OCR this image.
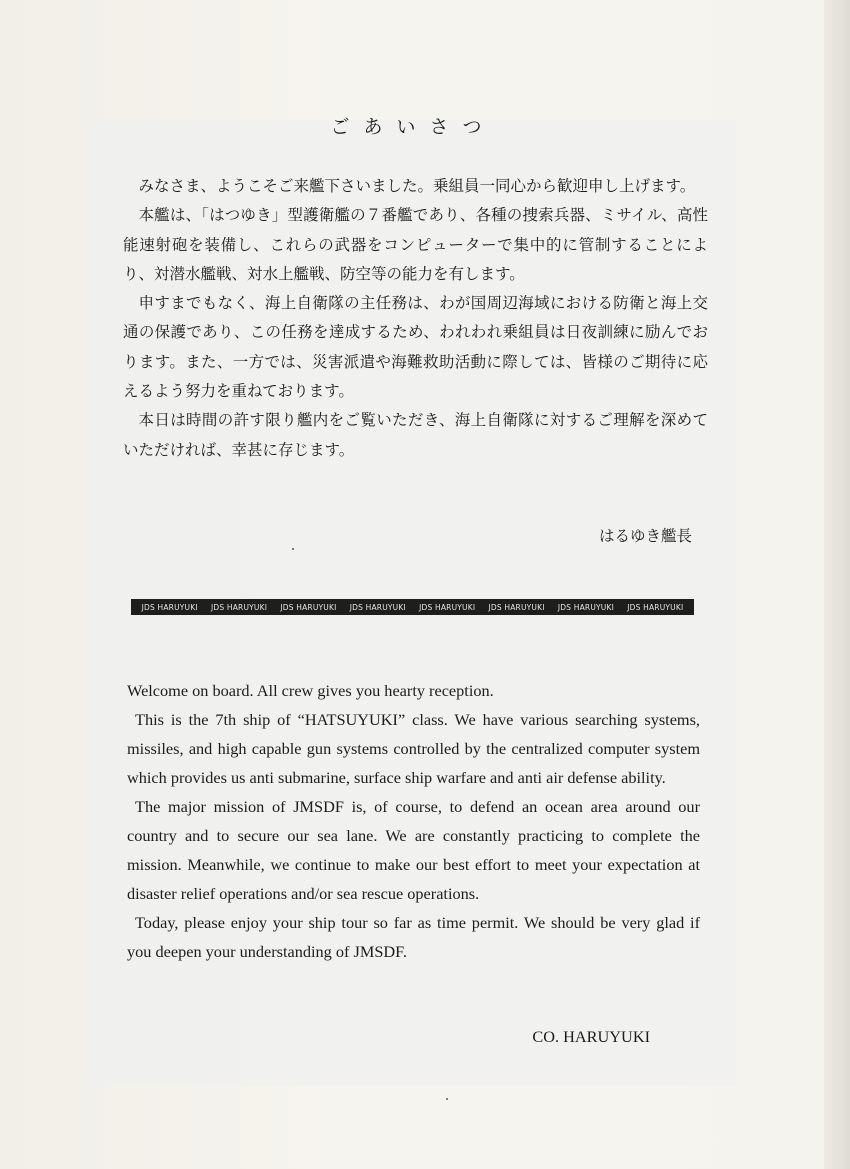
ごあいさつ

みなさま、ようこそご来艦下さいました。乗組員一同心から歓迎申し上げます。

本艦は、「はつゆき」型護衛艦の７番艦であり、各種の捜索兵器、ミサイル、高性能速射砲を装備し、これらの武器をコンピューターで集中的に管制することにより、対潜水艦戦、対水上艦戦、防空等の能力を有します。

申すまでもなく、海上自衛隊の主任務は、わが国周辺海域における防衛と海上交通の保護であり、この任務を達成するため、われわれ乗組員は日夜訓練に励んでおります。また、一方では、災害派遣や海難救助活動に際しては、皆様のご期待に応えるよう努力を重ねております。

本日は時間の許す限り艦内をご覧いただき、海上自衛隊に対するご理解を深めていただければ、幸甚に存じます。

はるゆき艦長
JDS HARUYUKI JDS HARUYUKI JDS HARUYUKI JDS HARUYUKI JDS HARUYUKI JDS HARUYUKI JDS HARUYUKI JDS HARUYUKI

Welcome on board. All crew gives you hearty reception.

This is the 7th ship of “HATSUYUKI” class. We have various searching systems, missiles, and high capable gun systems controlled by the centralized computer system which provides us anti submarine, surface ship warfare and anti air defense ability.

The major mission of JMSDF is, of course, to defend an ocean area around our country and to secure our sea lane. We are constantly practicing to complete the mission. Meanwhile, we continue to make our best effort to meet your expectation at disaster relief operations and/or sea rescue operations.

Today, please enjoy your ship tour so far as time permit. We should be very glad if you deepen your understanding of JMSDF.

CO. HARUYUKI
